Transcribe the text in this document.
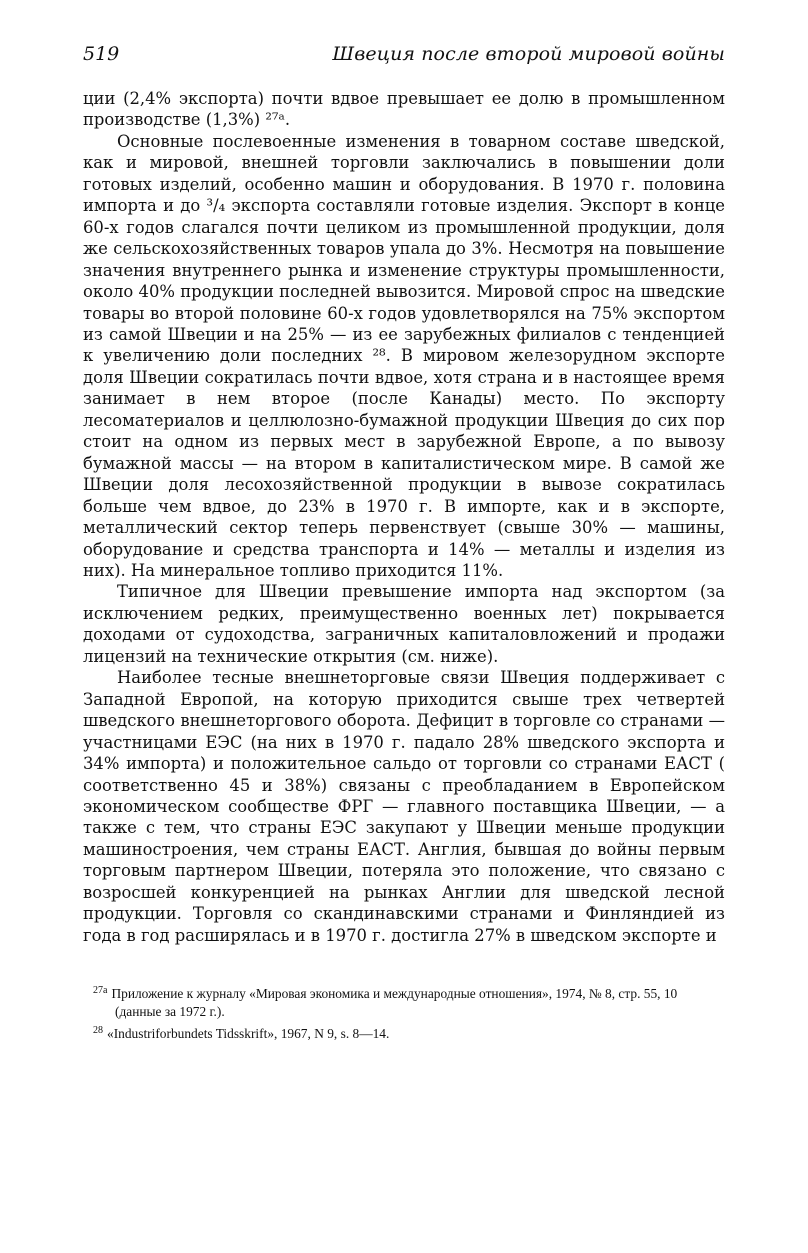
519	Швеция после второй мировой войны

ции (2,4% экспорта) почти вдвое превышает ее долю в промышленном производстве (1,3%) ²⁷ᵃ.

Основные послевоенные изменения в товарном составе шведской, как и мировой, внешней торговли заключались в повышении доли готовых изделий, особенно машин и оборудования. В 1970 г. половина импорта и до ³/₄ экспорта составляли готовые изделия. Экспорт в конце 60-х годов слагался почти целиком из промышленной продукции, доля же сельскохозяйственных товаров упала до 3%. Несмотря на повышение значения внутреннего рынка и изменение структуры промышленности, около 40% продукции последней вывозится. Мировой спрос на шведские товары во второй половине 60-х годов удовлетворялся на 75% экспортом из самой Швеции и на 25% — из ее зарубежных филиалов с тенденцией к увеличению доли последних ²⁸. В мировом железорудном экспорте доля Швеции сократилась почти вдвое, хотя страна и в настоящее время занимает в нем второе (после Канады) место. По экспорту лесоматериалов и целлюлозно-бумажной продукции Швеция до сих пор стоит на одном из первых мест в зарубежной Европе, а по вывозу бумажной массы — на втором в капиталистическом мире. В самой же Швеции доля лесохозяйственной продукции в вывозе сократилась больше чем вдвое, до 23% в 1970 г. В импорте, как и в экспорте, металлический сектор теперь первенствует (свыше 30% — машины, оборудование и средства транспорта и 14% — металлы и изделия из них). На минеральное топливо приходится 11%.

Типичное для Швеции превышение импорта над экспортом (за исключением редких, преимущественно военных лет) покрывается доходами от судоходства, заграничных капиталовложений и продажи лицензий на технические открытия (см. ниже).

Наиболее тесные внешнеторговые связи Швеция поддерживает с Западной Европой, на которую приходится свыше трех четвертей шведского внешнеторгового оборота. Дефицит в торговле со странами — участницами ЕЭС (на них в 1970 г. падало 28% шведского экспорта и 34% импорта) и положительное сальдо от торговли со странами ЕАСТ ( соответственно 45 и 38%) связаны с преобладанием в Европейском экономическом сообществе ФРГ — главного поставщика Швеции, — а также с тем, что страны ЕЭС закупают у Швеции меньше продукции машиностроения, чем страны ЕАСТ. Англия, бывшая до войны первым торговым партнером Швеции, потеряла это положение, что связано с возросшей конкуренцией на рынках Англии для шведской лесной продукции. Торговля со скандинавскими странами и Финляндией из года в год расширялась и в 1970 г. достигла 27% в шведском экспорте и

$^{27а}$ Приложение к журналу «Мировая экономика и международные отношения», 1974, № 8, стр. 55, 10 (данные за 1972 г.).
$^{28}$ «Industriforbundets Tidsskrift», 1967, N 9, s. 8—14.
